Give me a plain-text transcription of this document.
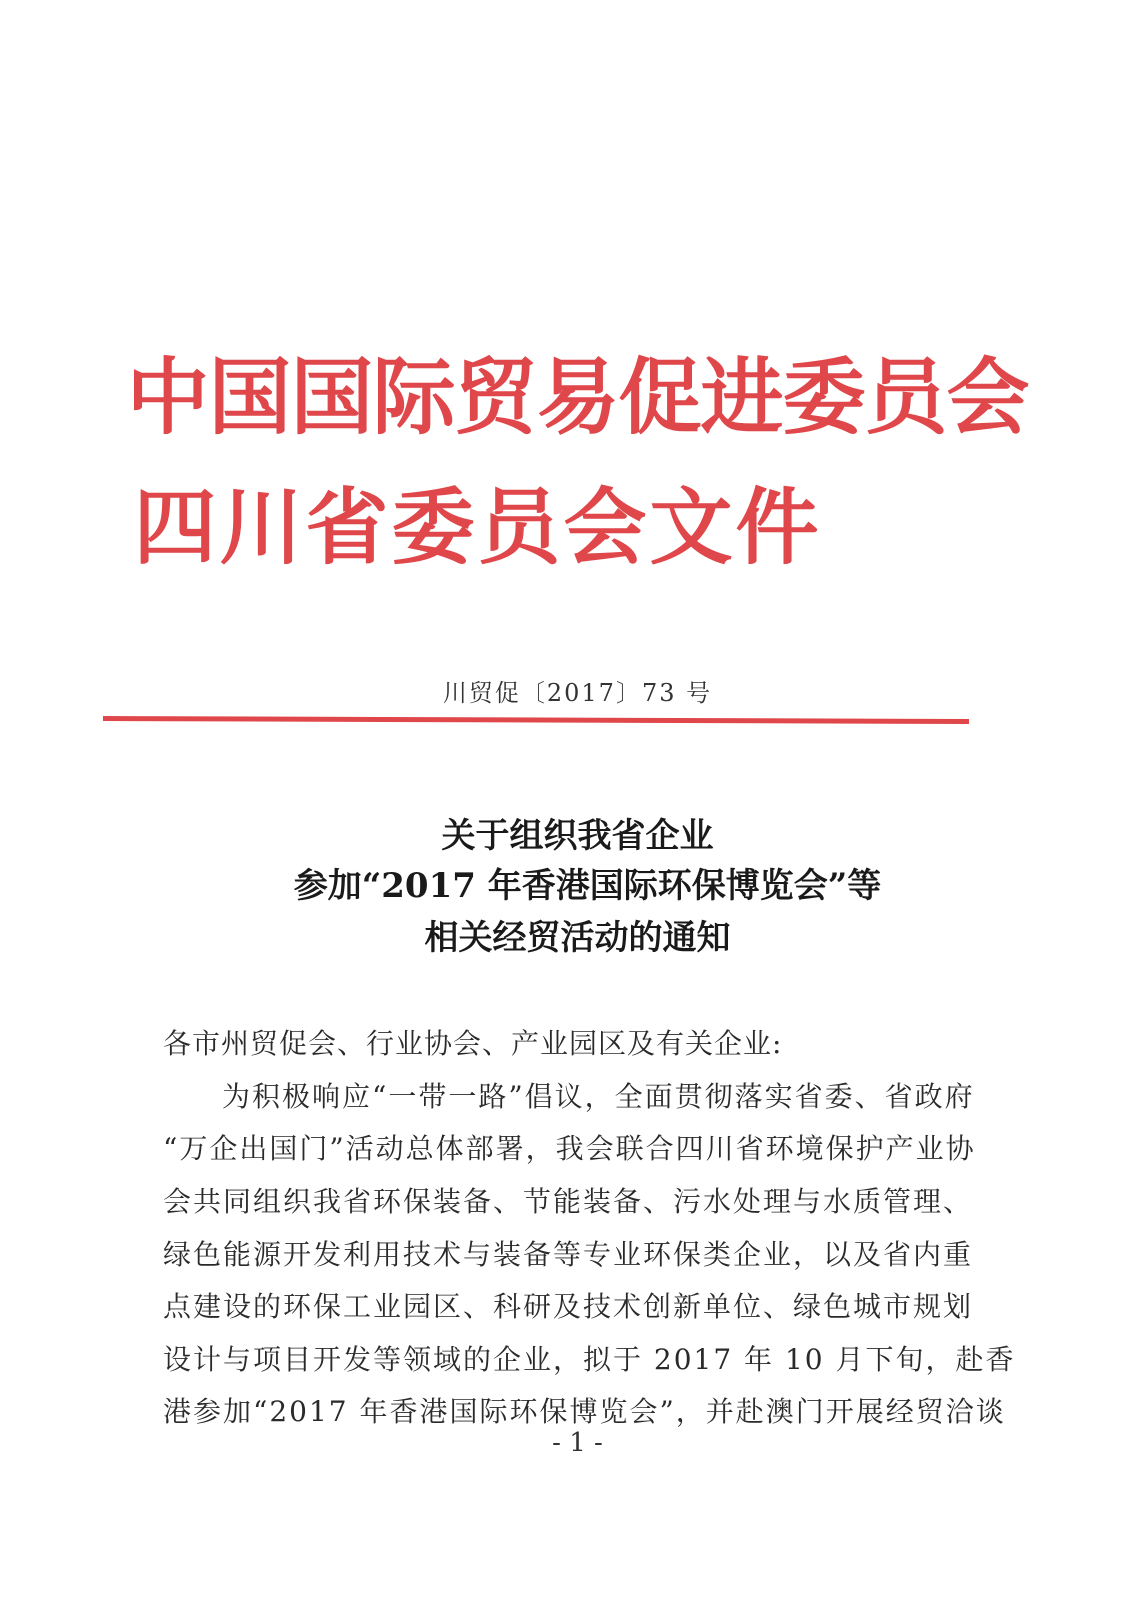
中国国际贸易促进委员会
四川省委员会文件
川贸促〔2017〕73 号
关于组织我省企业
参加“2017 年香港国际环保博览会”等
相关经贸活动的通知
各市州贸促会、行业协会、产业园区及有关企业:
为积极响应“一带一路”倡议，全面贯彻落实省委、省政府
“万企出国门”活动总体部署，我会联合四川省环境保护产业协
会共同组织我省环保装备、节能装备、污水处理与水质管理、
绿色能源开发利用技术与装备等专业环保类企业，以及省内重
点建设的环保工业园区、科研及技术创新单位、绿色城市规划
设计与项目开发等领域的企业，拟于 2017 年 10 月下旬，赴香
港参加“2017 年香港国际环保博览会”，并赴澳门开展经贸洽谈
- 1 -
